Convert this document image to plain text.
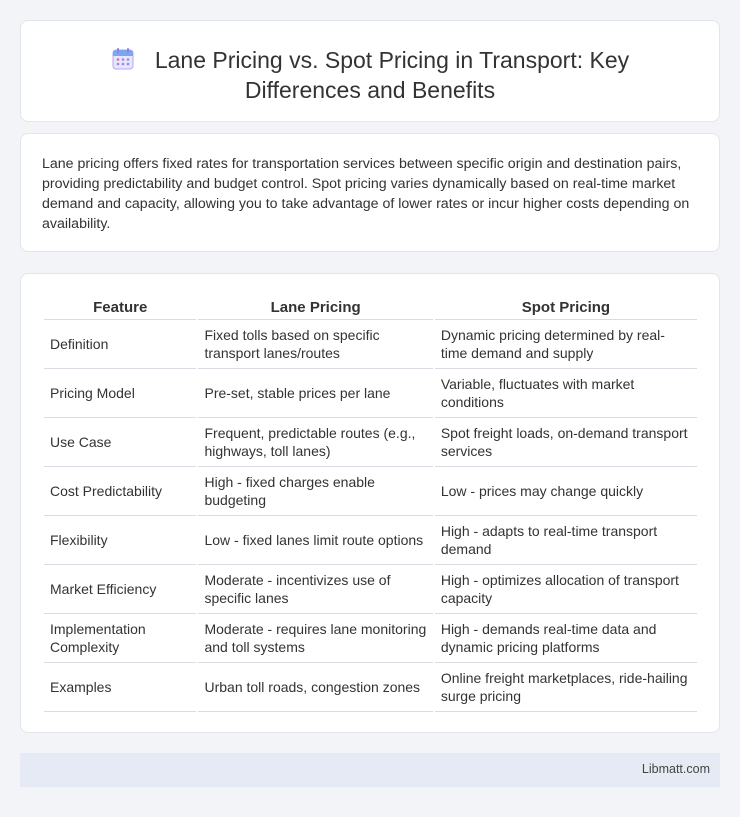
Lane Pricing vs. Spot Pricing in Transport: Key
Differences and Benefits

Lane pricing offers fixed rates for transportation services between specific origin and destination pairs, providing predictability and budget control. Spot pricing varies dynamically based on real-time market demand and capacity, allowing you to take advantage of lower rates or incur higher costs depending on availability.

Feature	Lane Pricing	Spot Pricing
Definition	Fixed tolls based on specific transport lanes/routes	Dynamic pricing determined by real-time demand and supply
Pricing Model	Pre-set, stable prices per lane	Variable, fluctuates with market conditions
Use Case	Frequent, predictable routes (e.g., highways, toll lanes)	Spot freight loads, on-demand transport services
Cost Predictability	High - fixed charges enable budgeting	Low - prices may change quickly
Flexibility	Low - fixed lanes limit route options	High - adapts to real-time transport demand
Market Efficiency	Moderate - incentivizes use of specific lanes	High - optimizes allocation of transport capacity
Implementation Complexity	Moderate - requires lane monitoring and toll systems	High - demands real-time data and dynamic pricing platforms
Examples	Urban toll roads, congestion zones	Online freight marketplaces, ride-hailing surge pricing
Libmatt.com
